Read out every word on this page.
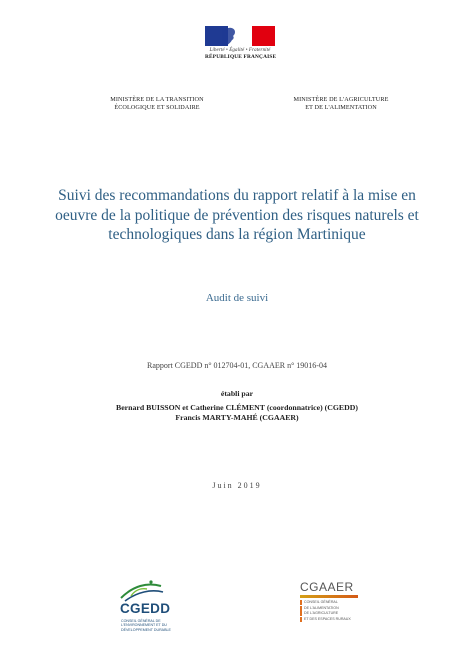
Liberté • Égalité • Fraternité
RÉPUBLIQUE FRANÇAISE
MINISTÈRE DE LA TRANSITION
ÉCOLOGIQUE ET SOLIDAIRE
MINISTÈRE DE L'AGRICULTURE
ET DE L'ALIMENTATION
Suivi des recommandations du rapport relatif à la mise en oeuvre de la politique de prévention des risques naturels et technologiques dans la région Martinique
Audit de suivi
Rapport CGEDD n° 012704-01, CGAAER n° 19016-04
établi par
Bernard BUISSON et Catherine CLÉMENT (coordonnatrice) (CGEDD)
Francis MARTY-MAHÉ (CGAAER)
Juin 2019
CGEDD
CONSEIL GÉNÉRAL DE
L'ENVIRONNEMENT ET DU
DÉVELOPPEMENT DURABLE
CGAAER
CONSEIL GÉNÉRAL
DE L'ALIMENTATION
DE L'AGRICULTURE
ET DES ESPACES RURAUX
